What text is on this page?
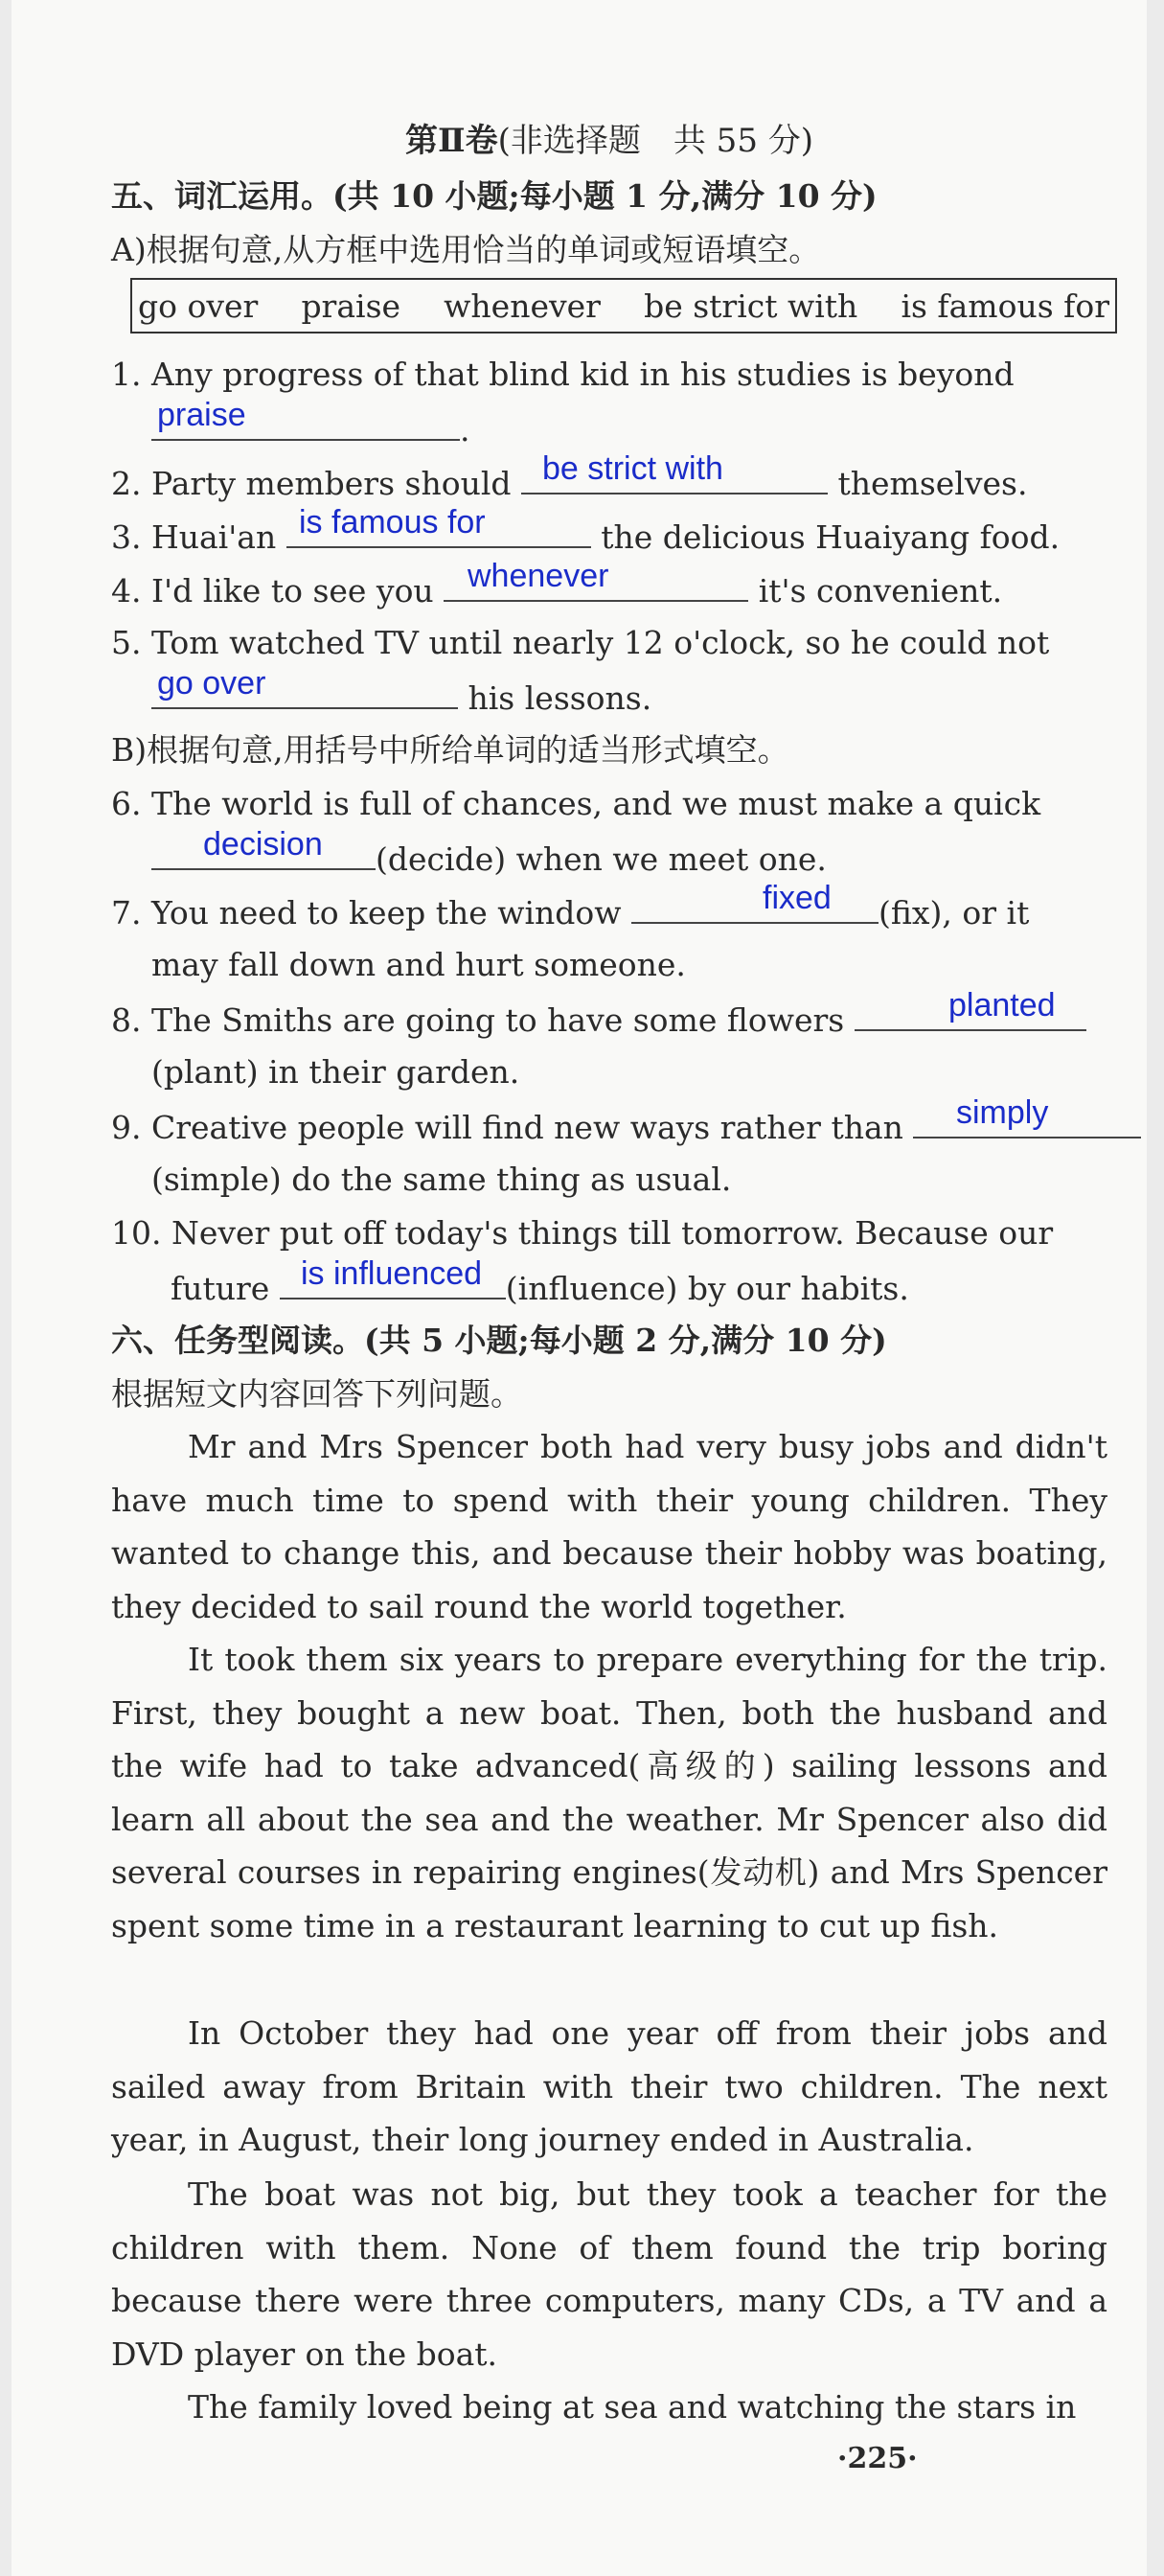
第Ⅱ卷(非选择题　共 55 分)
五、词汇运用。(共 10 小题;每小题 1 分,满分 10 分)
A)根据句意,从方框中选用恰当的单词或短语填空。
go over praise whenever be strict with is famous for
1. Any progress of that blind kid in his studies is beyond
.
praise
2. Party members should	themselves.
be strict with
3. Huai'an	the delicious Huaiyang food.
is famous for
4. I'd like to see you	it's convenient.
whenever
5. Tom watched TV until nearly 12 o'clock, so he could not
his lessons.
go over
B)根据句意,用括号中所给单词的适当形式填空。
6. The world is full of chances, and we must make a quick
(decide) when we meet one.
decision
7. You need to keep the window	(fix), or it
fixed
may fall down and hurt someone.
8. The Smiths are going to have some flowers	planted
(plant) in their garden.
9. Creative people will find new ways rather than	simply
(simple) do the same thing as usual.
10. Never put off today's things till tomorrow. Because our
future	(influence) by our habits.
is influenced
六、任务型阅读。(共 5 小题;每小题 2 分,满分 10 分)
根据短文内容回答下列问题。
Mr and Mrs Spencer both had very busy jobs and didn't have much time to spend with their young children. They wanted to change this, and because their hobby was boating, they decided to sail round the world together.
It took them six years to prepare everything for the trip. First, they bought a new boat. Then, both the husband and the wife had to take advanced(高级的) sailing lessons and learn all about the sea and the weather. Mr Spencer also did several courses in repairing engines(发动机) and Mrs Spencer spent some time in a restaurant learning to cut up fish.
In October they had one year off from their jobs and sailed away from Britain with their two children. The next year, in August, their long journey ended in Australia.
The boat was not big, but they took a teacher for the children with them. None of them found the trip boring because there were three computers, many CDs, a TV and a DVD player on the boat.
The family loved being at sea and watching the stars in
·225·
